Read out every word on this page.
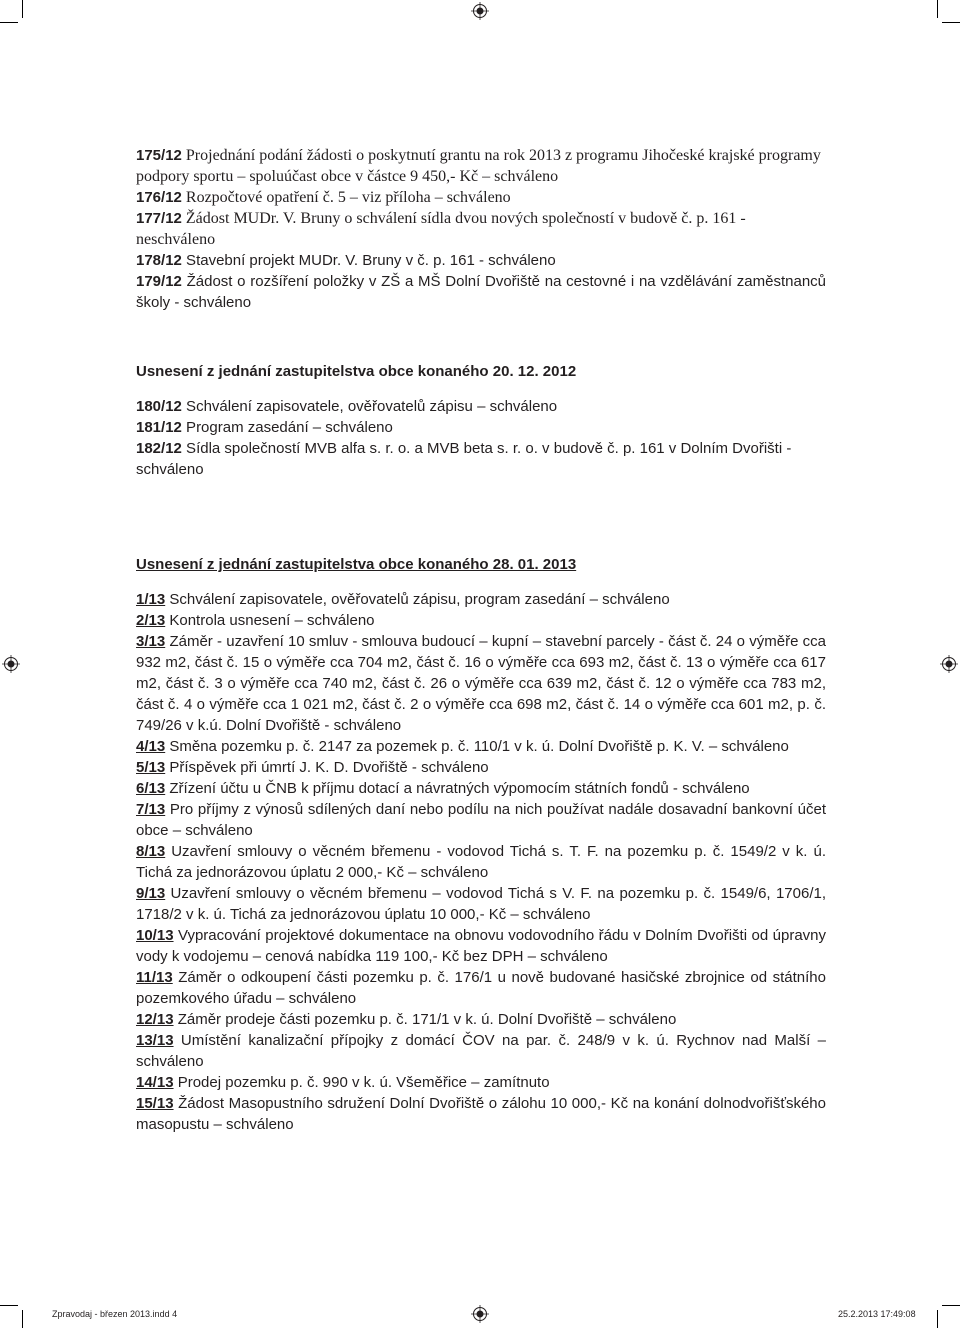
175/12 Projednání podání žádosti o poskytnutí grantu na rok 2013 z programu Jihočeské krajské programy podpory sportu – spoluúčast obce v částce 9 450,- Kč – schváleno

176/12 Rozpočtové opatření č. 5 – viz příloha – schváleno

177/12 Žádost MUDr. V. Bruny o schválení sídla dvou nových společností v budově č. p. 161 - neschváleno

178/12 Stavební projekt MUDr. V. Bruny v č. p. 161 - schváleno

179/12 Žádost o rozšíření položky v ZŠ a MŠ Dolní Dvořiště na cestovné i na vzdělávání zaměstnanců školy - schváleno

Usnesení z jednání zastupitelstva obce konaného 20. 12. 2012

180/12 Schválení zapisovatele, ověřovatelů zápisu – schváleno

181/12 Program zasedání – schváleno

182/12 Sídla společností MVB alfa s. r. o. a MVB beta s. r. o. v budově č. p. 161 v Dolním Dvořišti - schváleno

Usnesení z jednání zastupitelstva obce konaného 28. 01. 2013

1/13 Schválení zapisovatele, ověřovatelů zápisu, program zasedání – schváleno

2/13 Kontrola usnesení – schváleno

3/13 Záměr - uzavření 10 smluv - smlouva budoucí – kupní – stavební parcely - část č. 24 o výměře cca 932 m2, část č. 15 o výměře cca 704 m2, část č. 16 o výměře cca 693 m2, část č. 13 o výměře cca 617 m2, část č. 3 o výměře cca 740 m2, část č. 26 o výměře cca 639 m2, část č. 12 o výměře cca 783 m2, část č. 4 o výměře cca 1 021 m2, část č. 2 o výměře cca 698 m2, část č. 14 o výměře cca 601 m2, p. č. 749/26 v k.ú. Dolní Dvořiště - schváleno

4/13 Směna pozemku p. č. 2147 za pozemek p. č. 110/1 v k. ú. Dolní Dvořiště p. K. V. – schváleno

5/13 Příspěvek při úmrtí J. K. D. Dvořiště - schváleno

6/13 Zřízení účtu u ČNB k příjmu dotací a návratných výpomocím státních fondů - schváleno

7/13 Pro příjmy z výnosů sdílených daní nebo podílu na nich používat nadále dosavadní bankovní účet obce – schváleno

8/13 Uzavření smlouvy o věcném břemenu - vodovod Tichá s. T. F. na pozemku p. č. 1549/2 v k. ú. Tichá za jednorázovou úplatu 2 000,- Kč – schváleno

9/13 Uzavření smlouvy o věcném břemenu – vodovod Tichá s V. F. na pozemku p. č. 1549/6, 1706/1, 1718/2 v k. ú. Tichá za jednorázovou úplatu 10 000,- Kč – schváleno

10/13 Vypracování projektové dokumentace na obnovu vodovodního řádu v Dolním Dvořišti od úpravny vody k vodojemu – cenová nabídka 119 100,- Kč bez DPH – schváleno

11/13 Záměr o odkoupení části pozemku p. č. 176/1 u nově budované hasičské zbrojnice od státního pozemkového úřadu – schváleno

12/13 Záměr prodeje části pozemku p. č. 171/1 v k. ú. Dolní Dvořiště – schváleno

13/13 Umístění kanalizační přípojky z domácí ČOV na par. č. 248/9 v k. ú. Rychnov nad Malší – schváleno

14/13 Prodej pozemku p. č. 990 v k. ú. Všeměřice – zamítnuto

15/13 Žádost Masopustního sdružení Dolní Dvořiště o zálohu 10 000,- Kč na konání dolnodvořišťského masopustu – schváleno

Zpravodaj - březen 2013.indd 4	25.2.2013 17:49:08
